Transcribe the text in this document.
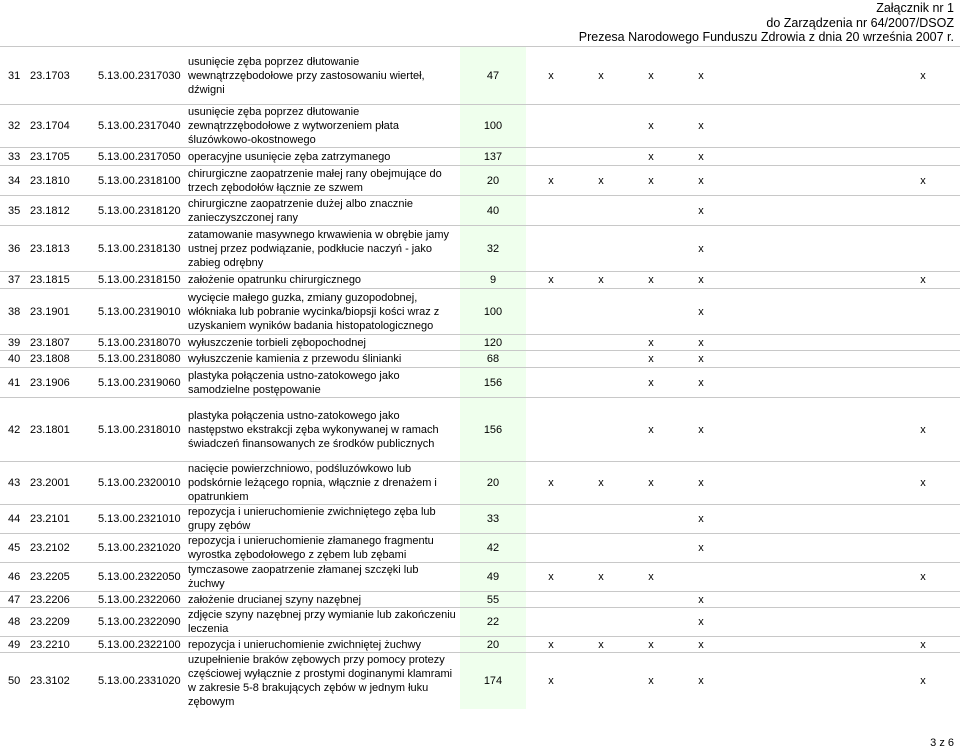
Załącznik nr 1
do Zarządzenia nr 64/2007/DSOZ
Prezesa Narodowego Funduszu Zdrowia z dnia 20 września 2007 r.
31	23.1703	5.13.00.2317030	usunięcie zęba poprzez dłutowanie wewnątrzzębodołowe przy zastosowaniu wierteł, dźwigni	47	x	x	x	x		x
32	23.1704	5.13.00.2317040	usunięcie zęba poprzez dłutowanie zewnątrzzębodołowe z wytworzeniem płata śluzówkowo-okostnowego	100			x	x		
33	23.1705	5.13.00.2317050	operacyjne usunięcie zęba zatrzymanego	137			x	x		
34	23.1810	5.13.00.2318100	chirurgiczne zaopatrzenie małej rany obejmujące do trzech zębodołów łącznie ze szwem	20	x	x	x	x		x
35	23.1812	5.13.00.2318120	chirurgiczne zaopatrzenie dużej albo znacznie zanieczyszczonej rany	40				x		
36	23.1813	5.13.00.2318130	zatamowanie masywnego krwawienia w obrębie jamy ustnej przez podwiązanie, podkłucie naczyń - jako zabieg odrębny	32				x		
37	23.1815	5.13.00.2318150	założenie opatrunku chirurgicznego	9	x	x	x	x		x
38	23.1901	5.13.00.2319010	wycięcie małego guzka, zmiany guzopodobnej, włókniaka lub pobranie wycinka/biopsji kości wraz z uzyskaniem wyników badania histopatologicznego	100				x		
39	23.1807	5.13.00.2318070	wyłuszczenie torbieli zębopochodnej	120			x	x		
40	23.1808	5.13.00.2318080	wyłuszczenie kamienia z przewodu ślinianki	68			x	x		
41	23.1906	5.13.00.2319060	plastyka połączenia ustno-zatokowego jako samodzielne postępowanie	156			x	x		
42	23.1801	5.13.00.2318010	plastyka połączenia ustno-zatokowego jako następstwo ekstrakcji zęba wykonywanej w ramach świadczeń finansowanych ze środków publicznych	156			x	x		x
43	23.2001	5.13.00.2320010	nacięcie powierzchniowo, podśluzówkowo lub podskórnie leżącego ropnia, włącznie z drenażem i opatrunkiem	20	x	x	x	x		x
44	23.2101	5.13.00.2321010	repozycja i unieruchomienie zwichniętego zęba lub grupy zębów	33				x		
45	23.2102	5.13.00.2321020	repozycja i unieruchomienie złamanego fragmentu wyrostka zębodołowego z zębem lub zębami	42				x		
46	23.2205	5.13.00.2322050	tymczasowe zaopatrzenie złamanej szczęki lub żuchwy	49	x	x	x			x
47	23.2206	5.13.00.2322060	założenie drucianej szyny nazębnej	55				x		
48	23.2209	5.13.00.2322090	zdjęcie szyny nazębnej przy wymianie lub zakończeniu leczenia	22				x		
49	23.2210	5.13.00.2322100	repozycja i unieruchomienie zwichniętej żuchwy	20	x	x	x	x		x
50	23.3102	5.13.00.2331020	uzupełnienie braków zębowych przy pomocy protezy częściowej wyłącznie z prostymi doginanymi klamrami w zakresie 5-8 brakujących zębów w jednym łuku zębowym	174	x		x	x		x
3 z 6
